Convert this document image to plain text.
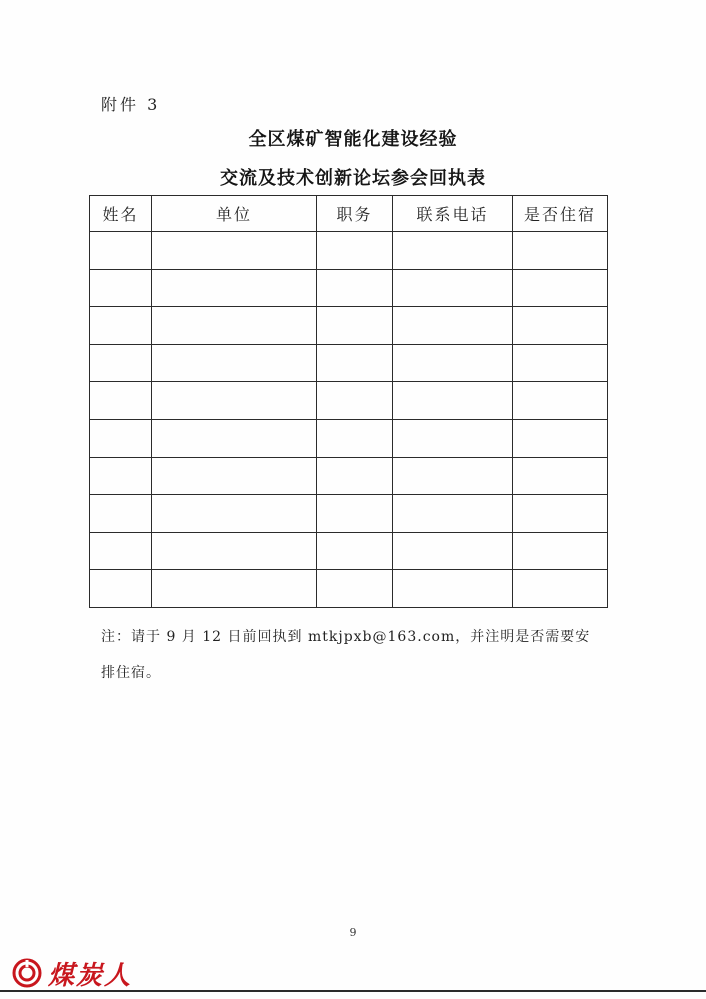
附件 3
全区煤矿智能化建设经验
交流及技术创新论坛参会回执表
姓名	单位	职务	联系电话	是否住宿

注：请于 9 月 12 日前回执到 mtkjpxb@163.com，并注明是否需要安
排住宿。
9
煤炭人
